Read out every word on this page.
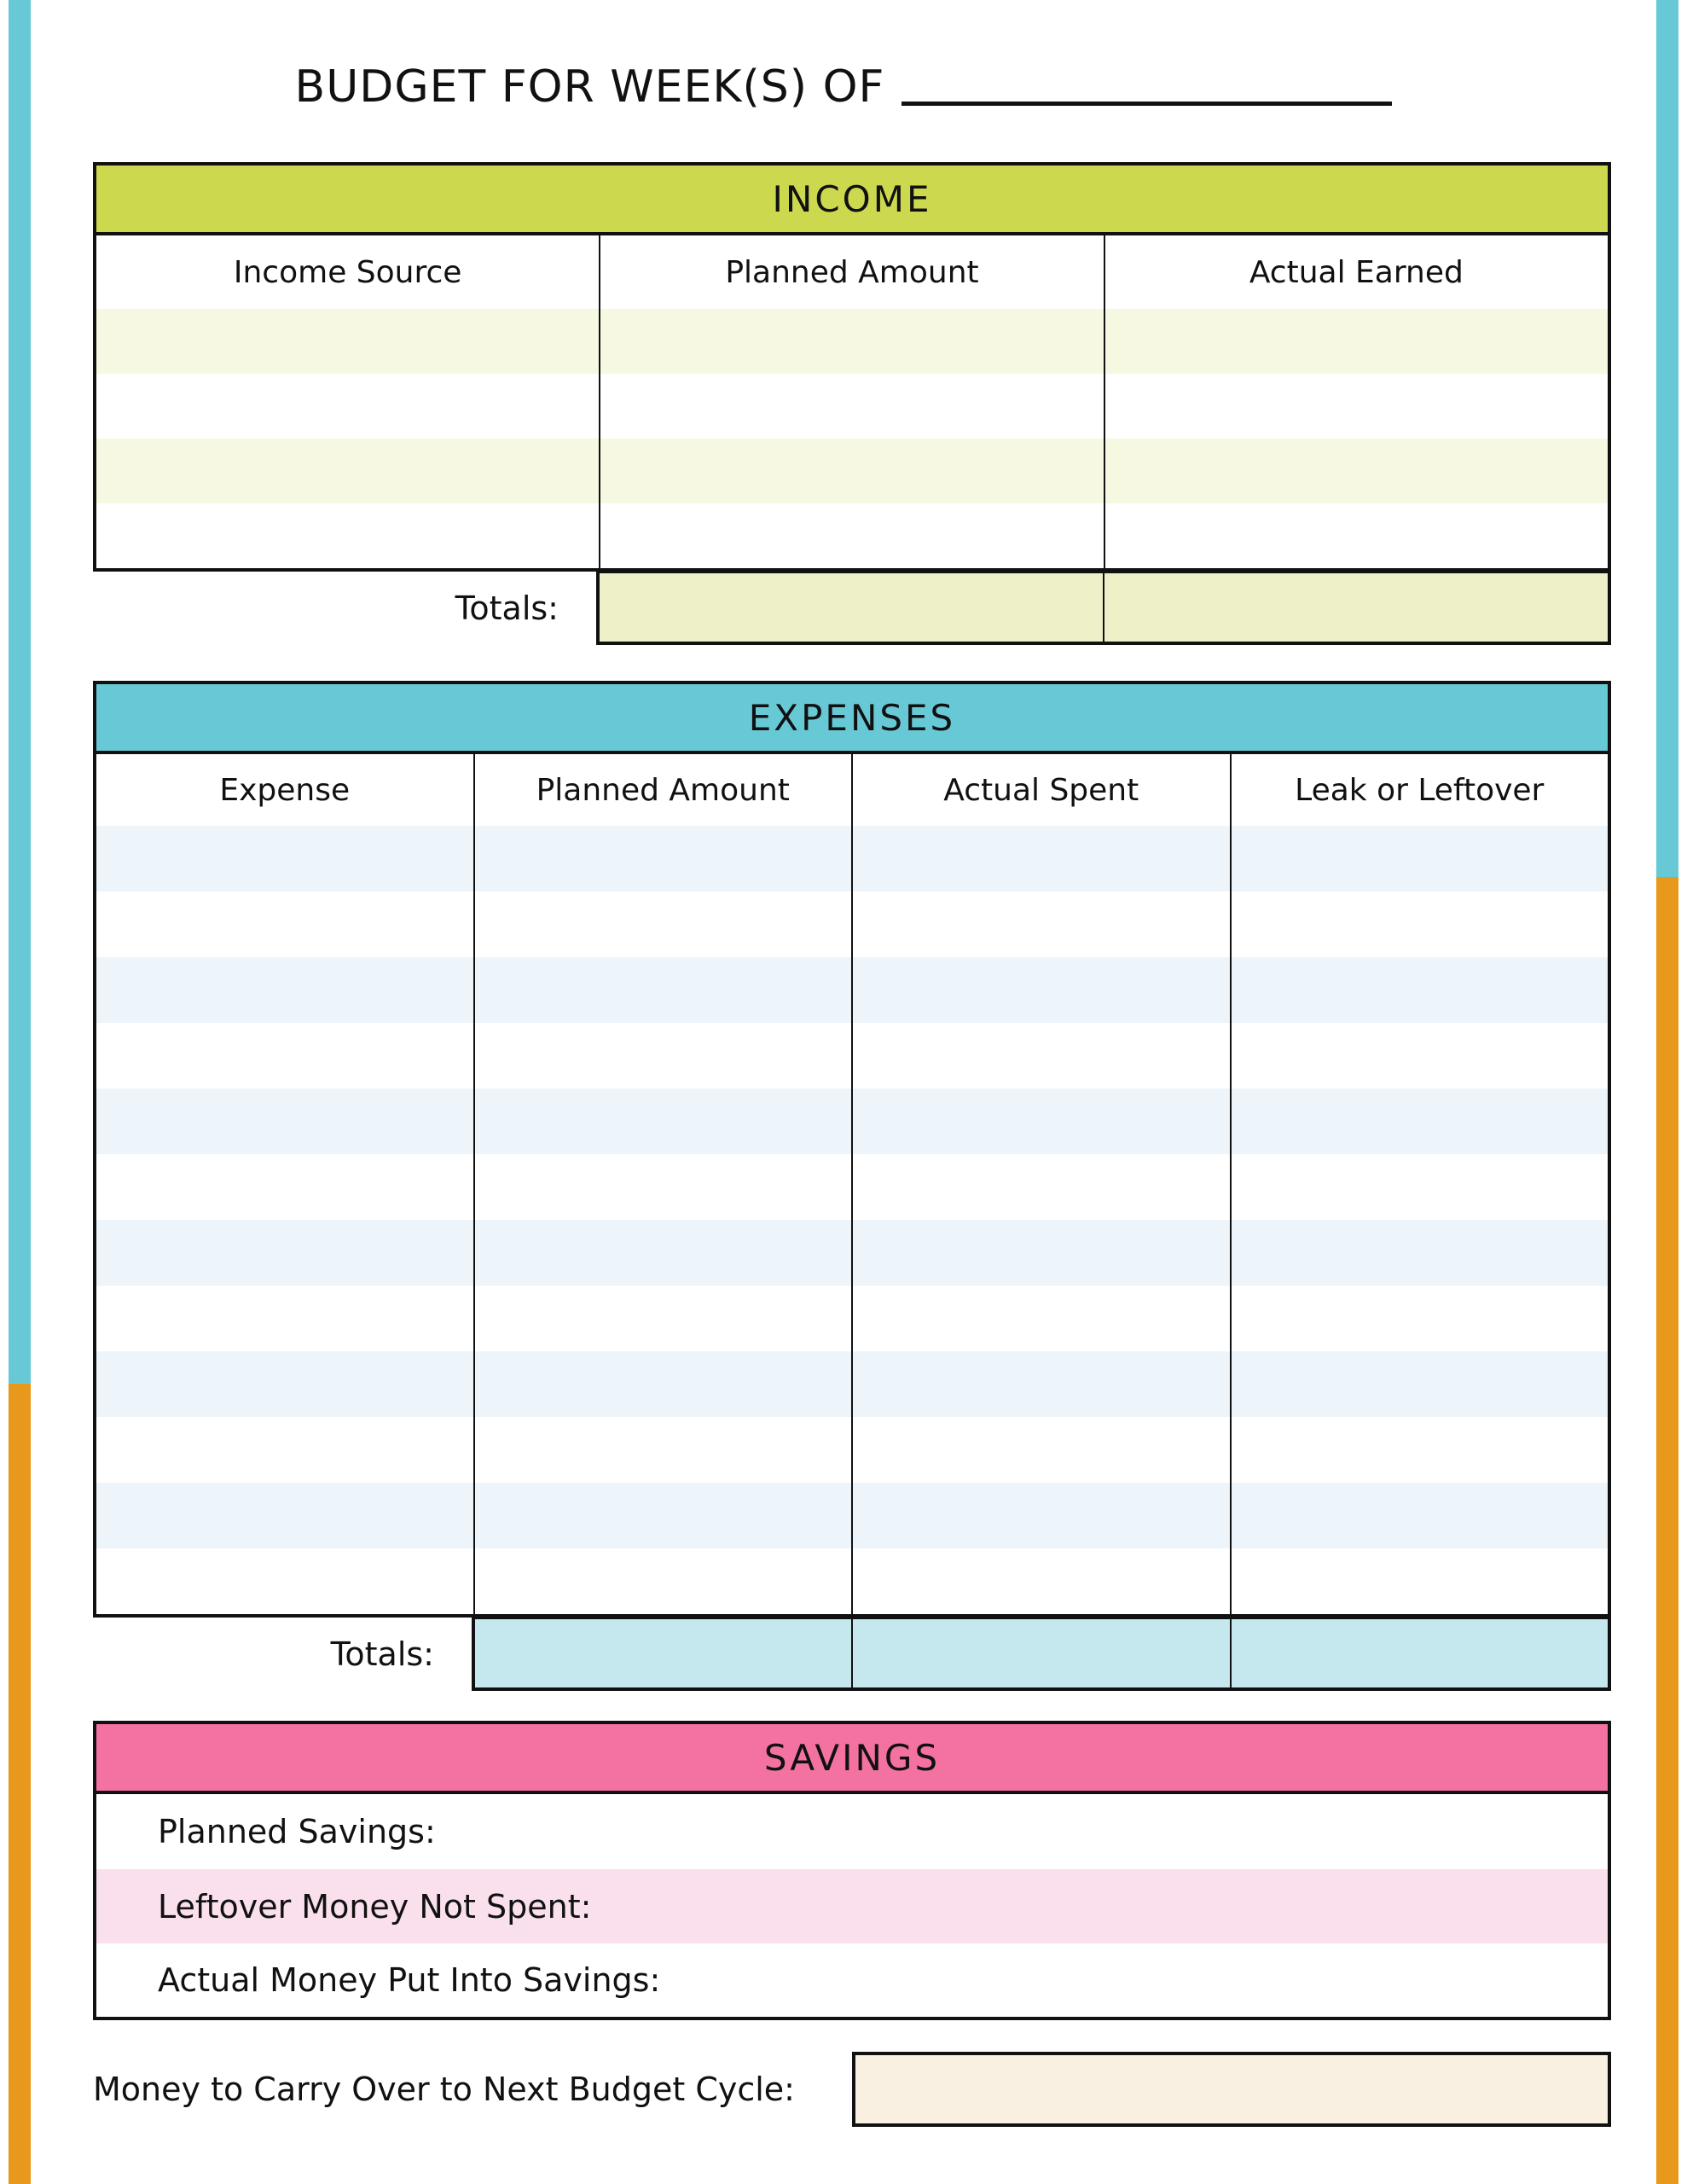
BUDGET FOR WEEK(S) OF
INCOME
Income Source	Planned Amount	Actual Earned
Totals:
EXPENSES
Expense	Planned Amount	Actual Spent	Leak or Leftover
Totals:
SAVINGS
Planned Savings:
Leftover Money Not Spent:
Actual Money Put Into Savings:
Money to Carry Over to Next Budget Cycle:
